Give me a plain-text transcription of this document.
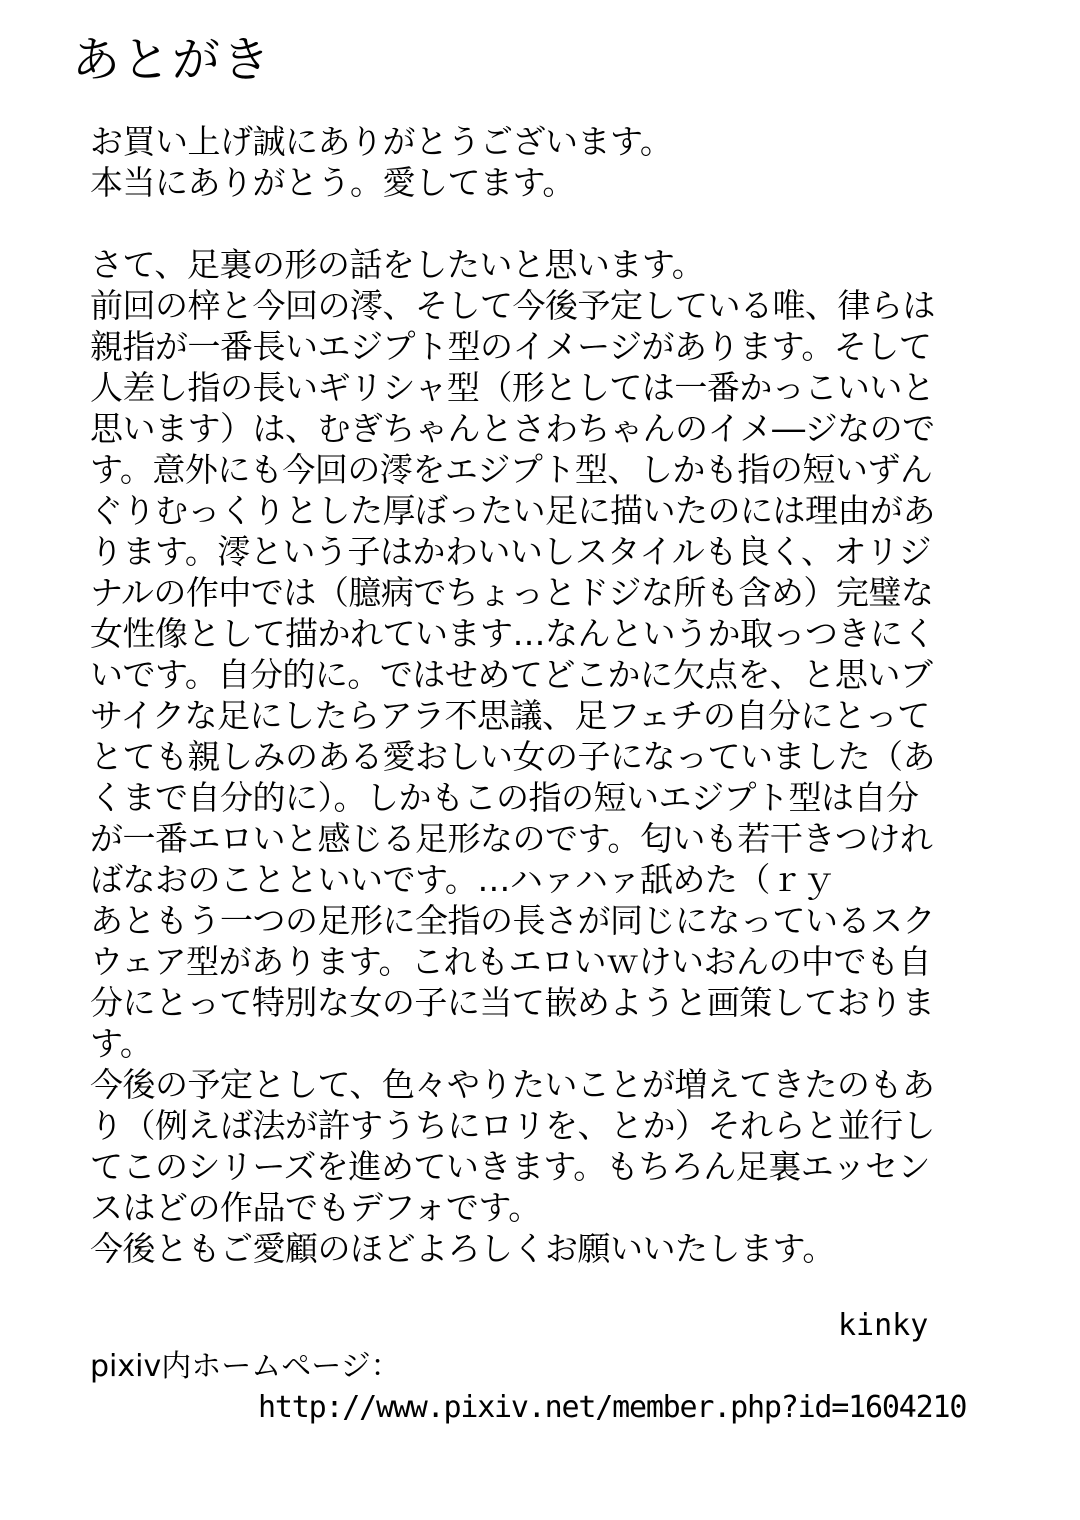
あとがき
お買い上げ誠にありがとうございます。
本当にありがとう。愛してます。
さて、足裏の形の話をしたいと思います。
前回の梓と今回の澪、そして今後予定している唯、律らは
親指が一番長いエジプト型のイメージがあります。そして
人差し指の長いギリシャ型（形としては一番かっこいいと
思います）は、むぎちゃんとさわちゃんのイメ―ジなので
す。意外にも今回の澪をエジプト型、しかも指の短いずん
ぐりむっくりとした厚ぼったい足に描いたのには理由があ
ります。澪という子はかわいいしスタイルも良く、オリジ
ナルの作中では（臆病でちょっとドジな所も含め）完璧な
女性像として描かれています…なんというか取っつきにく
いです。自分的に。ではせめてどこかに欠点を、と思いブ
サイクな足にしたらアラ不思議、足フェチの自分にとって
とても親しみのある愛おしい女の子になっていました（あ
くまで自分的に）。しかもこの指の短いエジプト型は自分
が一番エロいと感じる足形なのです。匂いも若干きつけれ
ばなおのことといいです。…ハァハァ舐めた（ｒｙ
あともう一つの足形に全指の長さが同じになっているスク
ウェア型があります。これもエロいｗけいおんの中でも自
分にとって特別な女の子に当て嵌めようと画策しておりま
す。
今後の予定として、色々やりたいことが増えてきたのもあ
り（例えば法が許すうちにロリを、とか）それらと並行し
てこのシリーズを進めていきます。もちろん足裏エッセン
スはどの作品でもデフォです。
今後ともご愛顧のほどよろしくお願いいたします。
kinky
pixiv内ホームページ：
http://www.pixiv.net/member.php?id=1604210
